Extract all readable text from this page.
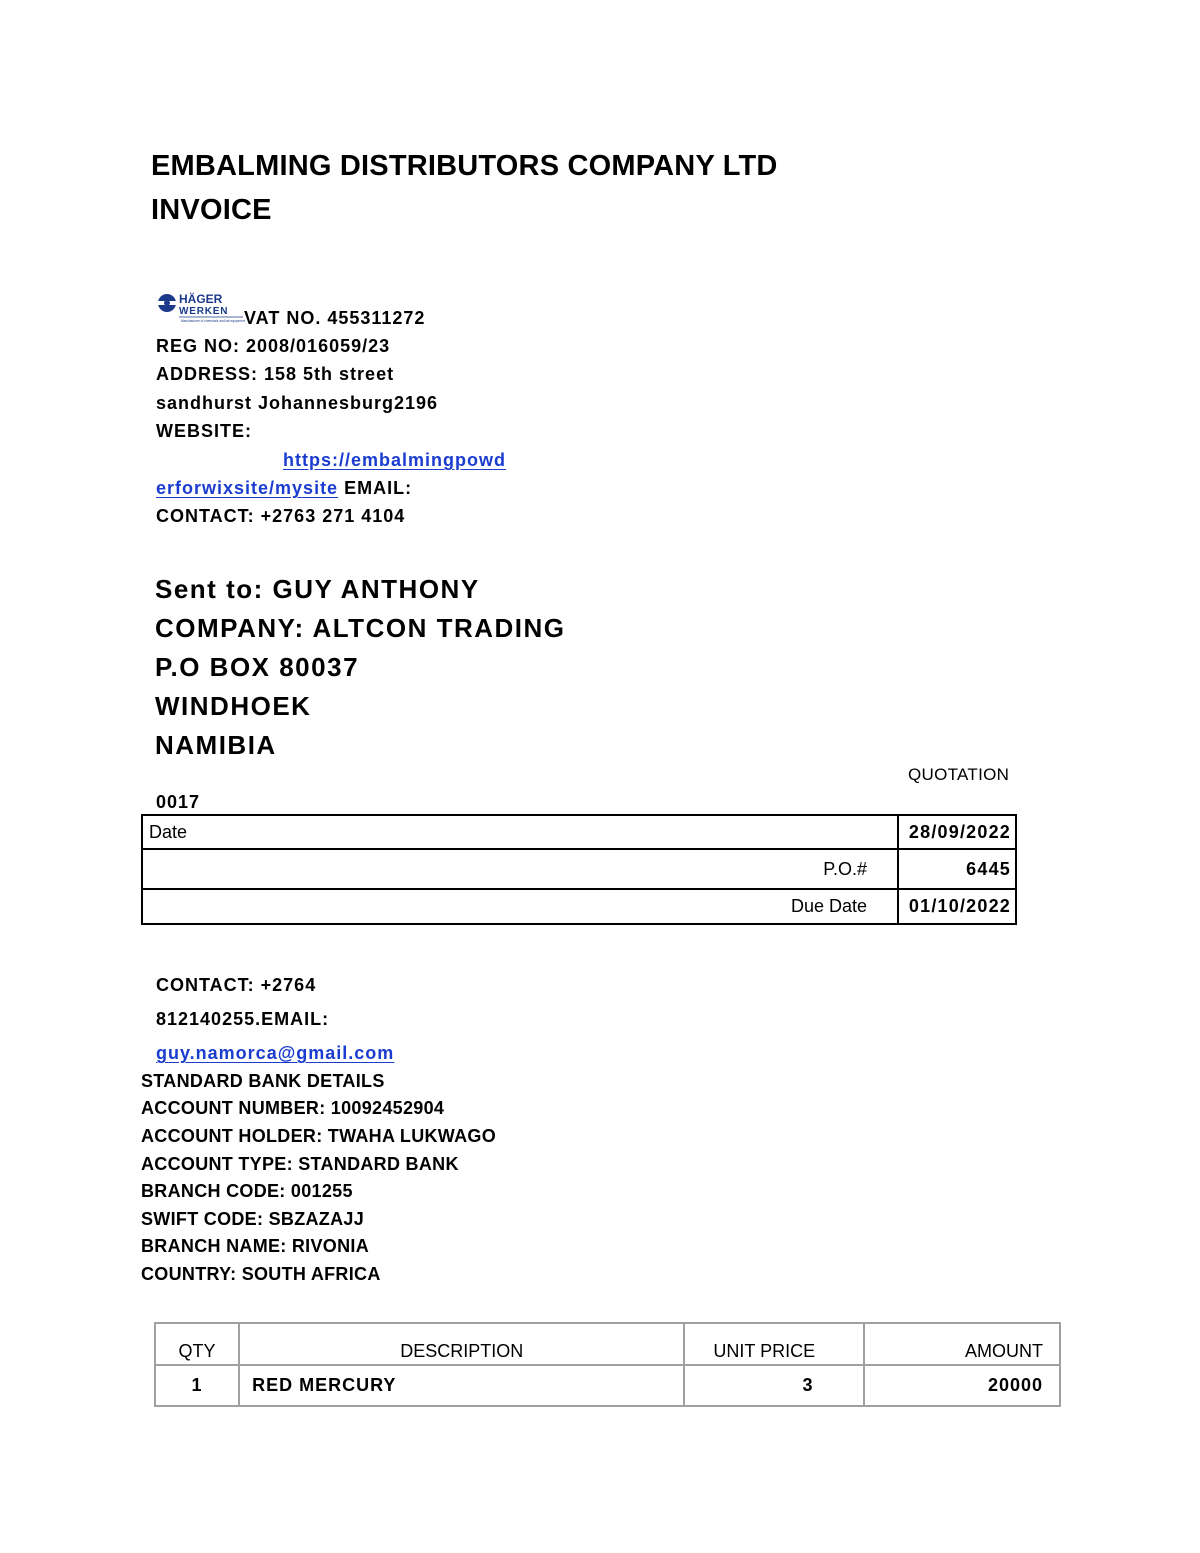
EMBALMING DISTRIBUTORS COMPANY LTD
INVOICE
HÄGER
WERKEN
Manufacturer of chemicals and lab equipment
VAT NO. 455311272
REG NO: 2008/016059/23
ADDRESS: 158 5th street
sandhurst Johannesburg2196
WEBSITE:
https://embalmingpowd
erforwixsite/mysite EMAIL:
CONTACT: +2763 271 4104
Sent to: GUY ANTHONY
COMPANY: ALTCON TRADING
P.O BOX 80037
WINDHOEK
NAMIBIA
QUOTATION
0017
Date	28/09/2022
P.O.#	6445
Due Date	01/10/2022
CONTACT: +2764
812140255.EMAIL:
guy.namorca@gmail.com
STANDARD BANK DETAILS
ACCOUNT NUMBER: 10092452904
ACCOUNT HOLDER: TWAHA LUKWAGO
ACCOUNT TYPE: STANDARD BANK
BRANCH CODE: 001255
SWIFT CODE: SBZAZAJJ
BRANCH NAME: RIVONIA
COUNTRY: SOUTH AFRICA
QTY	DESCRIPTION	UNIT PRICE	AMOUNT
1	RED MERCURY	3	20000
